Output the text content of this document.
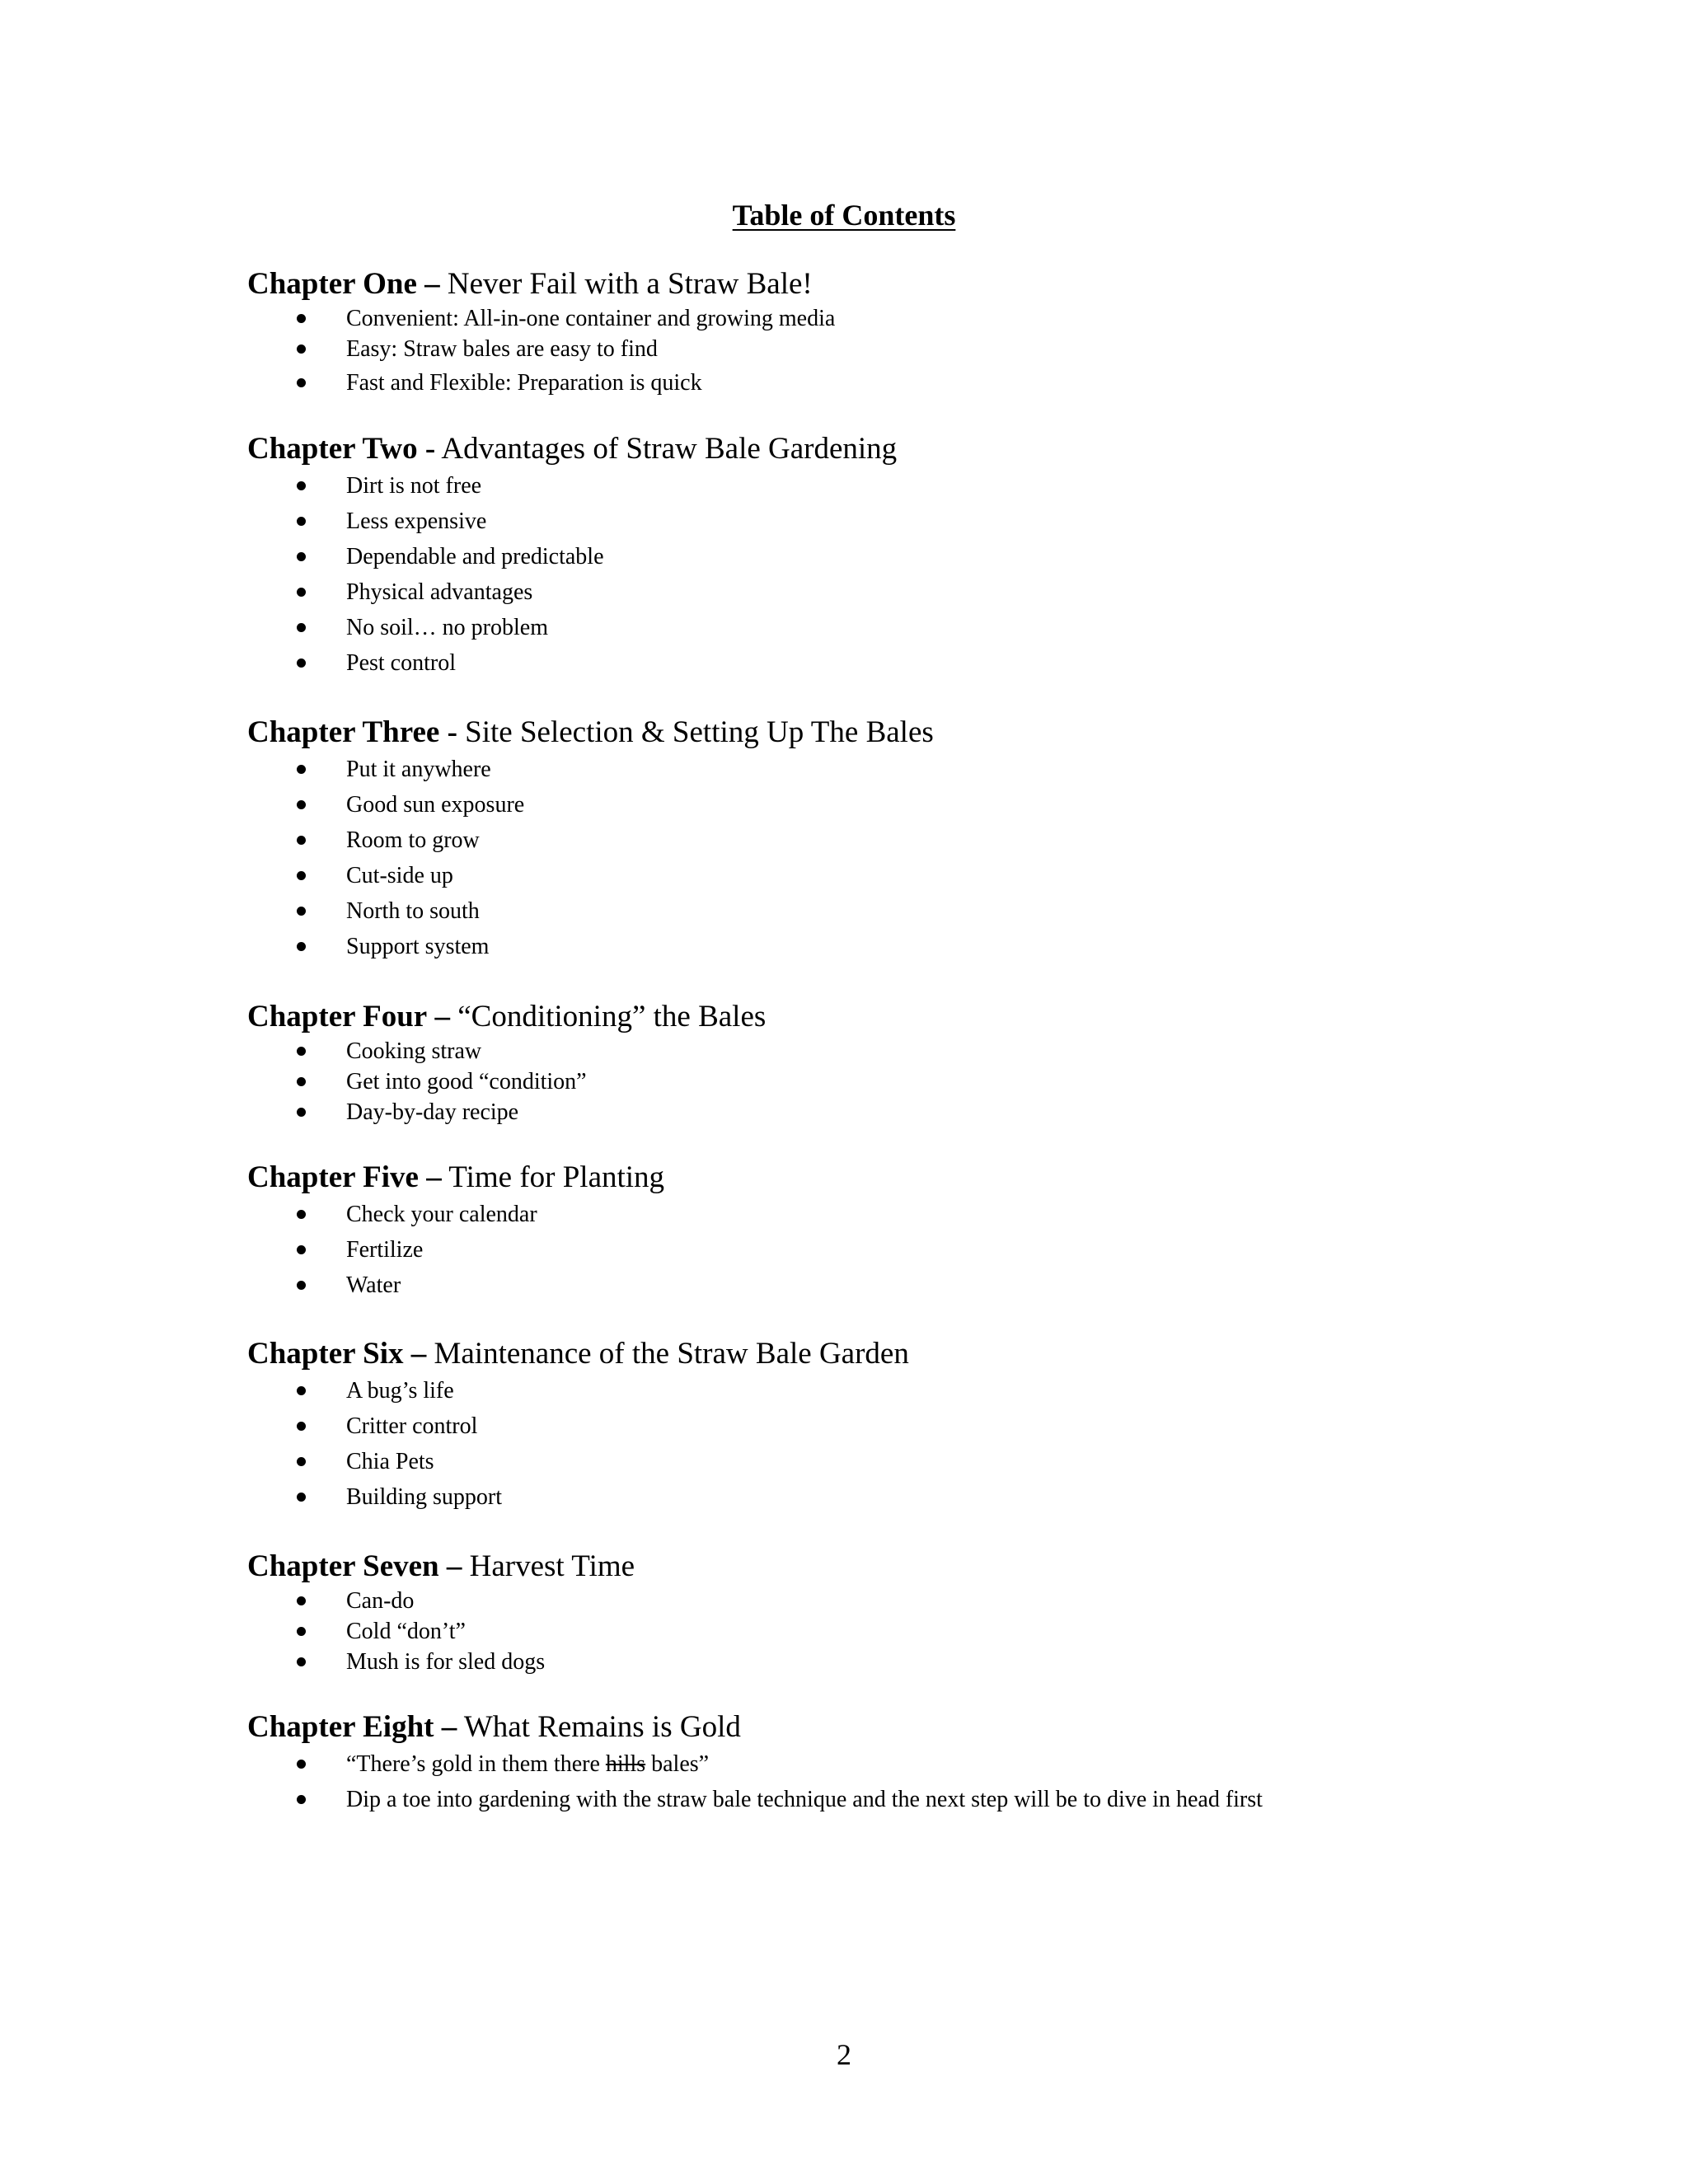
Table of Contents

Chapter One – Never Fail with a Straw Bale!

Convenient: All-in-one container and growing media
Easy: Straw bales are easy to find
Fast and Flexible: Preparation is quick

Chapter Two - Advantages of Straw Bale Gardening

Dirt is not free
Less expensive
Dependable and predictable
Physical advantages
No soil… no problem
Pest control

Chapter Three - Site Selection & Setting Up The Bales

Put it anywhere
Good sun exposure
Room to grow
Cut-side up
North to south
Support system

Chapter Four – “Conditioning” the Bales

Cooking straw
Get into good “condition”
Day-by-day recipe

Chapter Five – Time for Planting

Check your calendar
Fertilize
Water

Chapter Six – Maintenance of the Straw Bale Garden

A bug’s life
Critter control
Chia Pets
Building support

Chapter Seven – Harvest Time

Can-do
Cold “don’t”
Mush is for sled dogs

Chapter Eight – What Remains is Gold

“There’s gold in them there hills bales”
Dip a toe into gardening with the straw bale technique and the next step will be to dive in head first
2
